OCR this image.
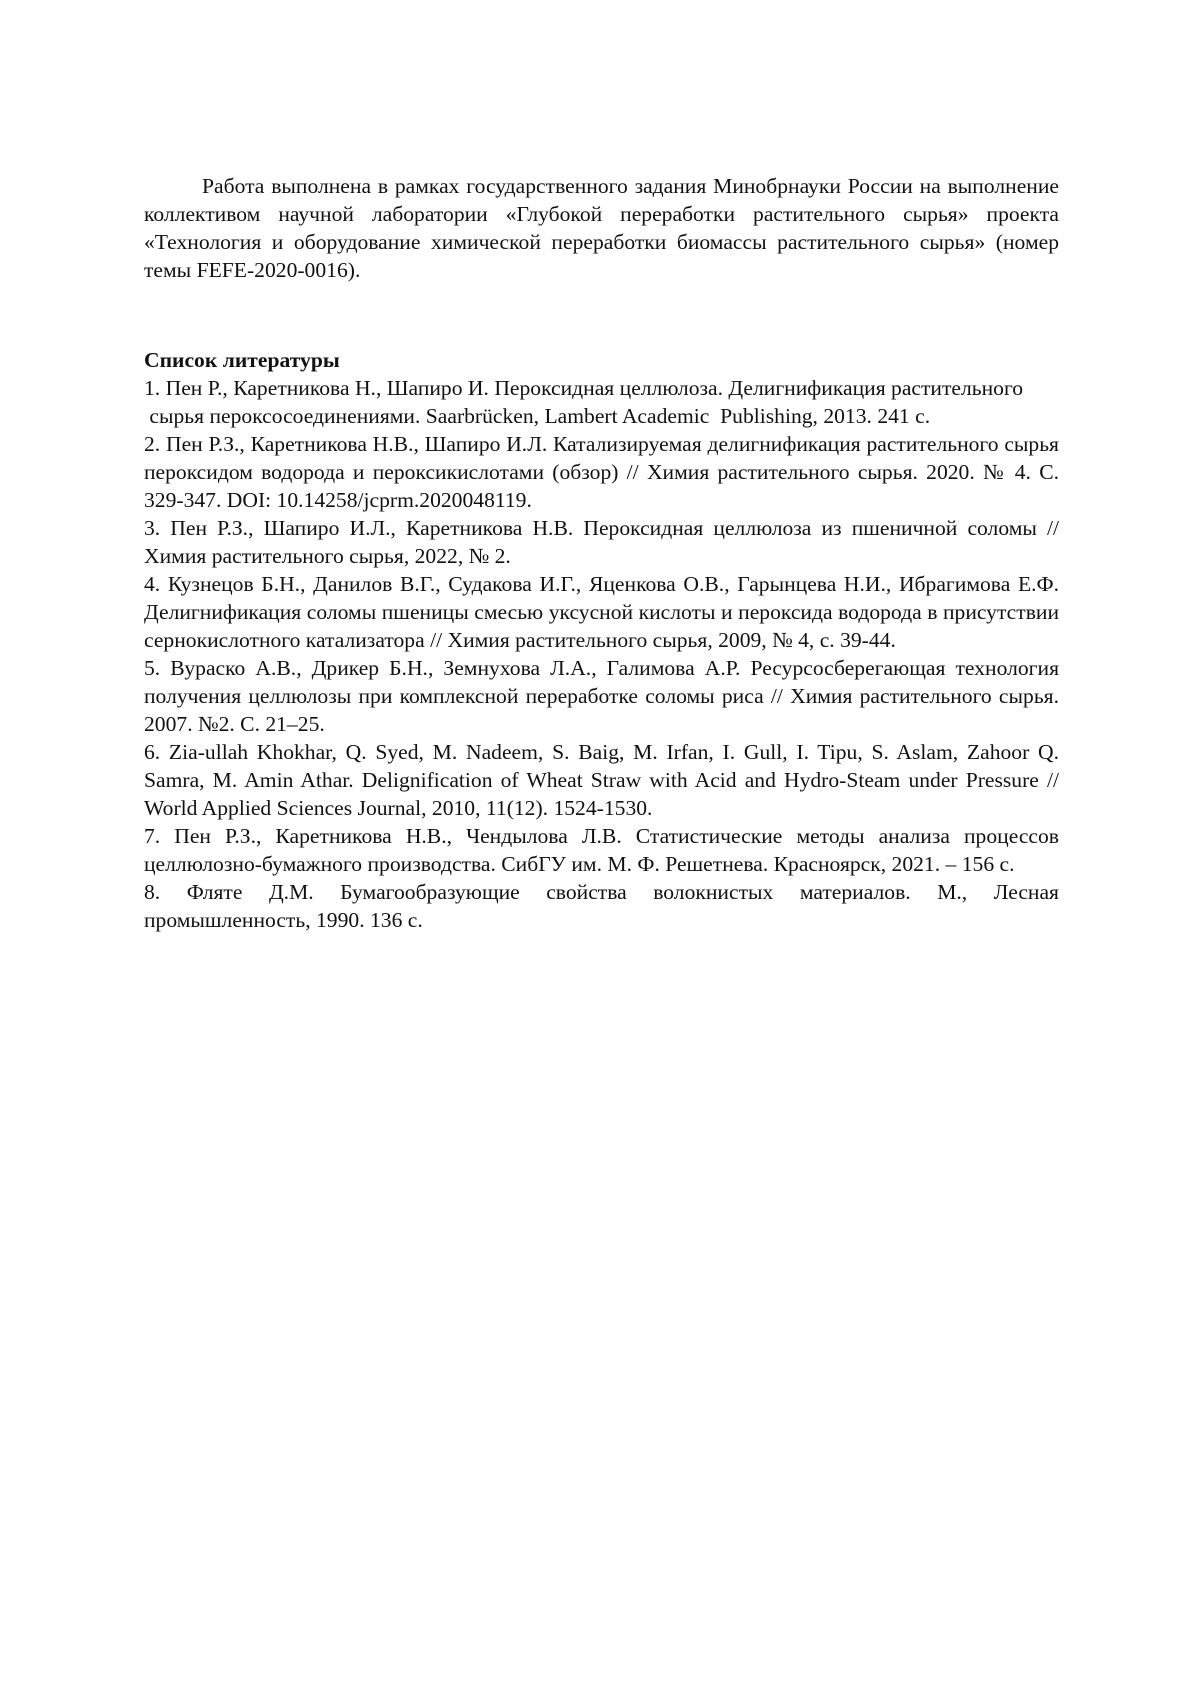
Работа выполнена в рамках государственного задания Минобрнауки России на выполнение коллективом научной лаборатории «Глубокой переработки растительного сырья» проекта «Технология и оборудование химической переработки биомассы растительного сырья» (номер темы FEFE-2020-0016).

Список литературы

1. Пен Р., Каретникова Н., Шапиро И. Пероксидная целлюлоза. Делигнификация растительного
сырья пероксосоединениями. Saarbrücken, Lambert Academic  Publishing, 2013. 241 с.

2. Пен Р.З., Каретникова Н.В., Шапиро И.Л. Катализируемая делигнификация растительного сырья пероксидом водорода и пероксикислотами (обзор) // Химия растительного сырья. 2020. № 4. С. 329-347. DOI: 10.14258/jcprm.2020048119.

3. Пен Р.З., Шапиро И.Л., Каретникова Н.В. Пероксидная целлюлоза из пшеничной соломы // Химия растительного сырья, 2022, № 2.

4. Кузнецов Б.Н., Данилов В.Г., Судакова И.Г., Яценкова О.В., Гарынцева Н.И., Ибрагимова Е.Ф. Делигнификация соломы пшеницы смесью уксусной кислоты и пероксида водорода в присутствии сернокислотного катализатора // Химия растительного сырья, 2009, № 4, с. 39-44.

5. Вураско А.В., Дрикер Б.Н., Земнухова Л.А., Галимова А.Р. Ресурсосберегающая технология получения целлюлозы при комплексной переработке соломы риса // Химия растительного сырья. 2007. №2. С. 21–25.

6. Zia-ullah Khokhar, Q. Syed, M. Nadeem, S. Baig, M. Irfan, I. Gull, I. Tipu, S. Aslam, Zahoor Q. Samra, M. Amin Athar. Delignification of Wheat Straw with Acid and Hydro-Steam under Pressure // World Applied Sciences Journal, 2010, 11(12). 1524-1530.

7. Пен Р.З., Каретникова Н.В., Чендылова Л.В. Статистические методы анализа процессов целлюлозно-бумажного производства. СибГУ им. М. Ф. Решетнева. Красноярск, 2021. – 156 с.

8. Фляте Д.М. Бумагообразующие свойства волокнистых материалов. М., Лесная промышленность, 1990. 136 с.
